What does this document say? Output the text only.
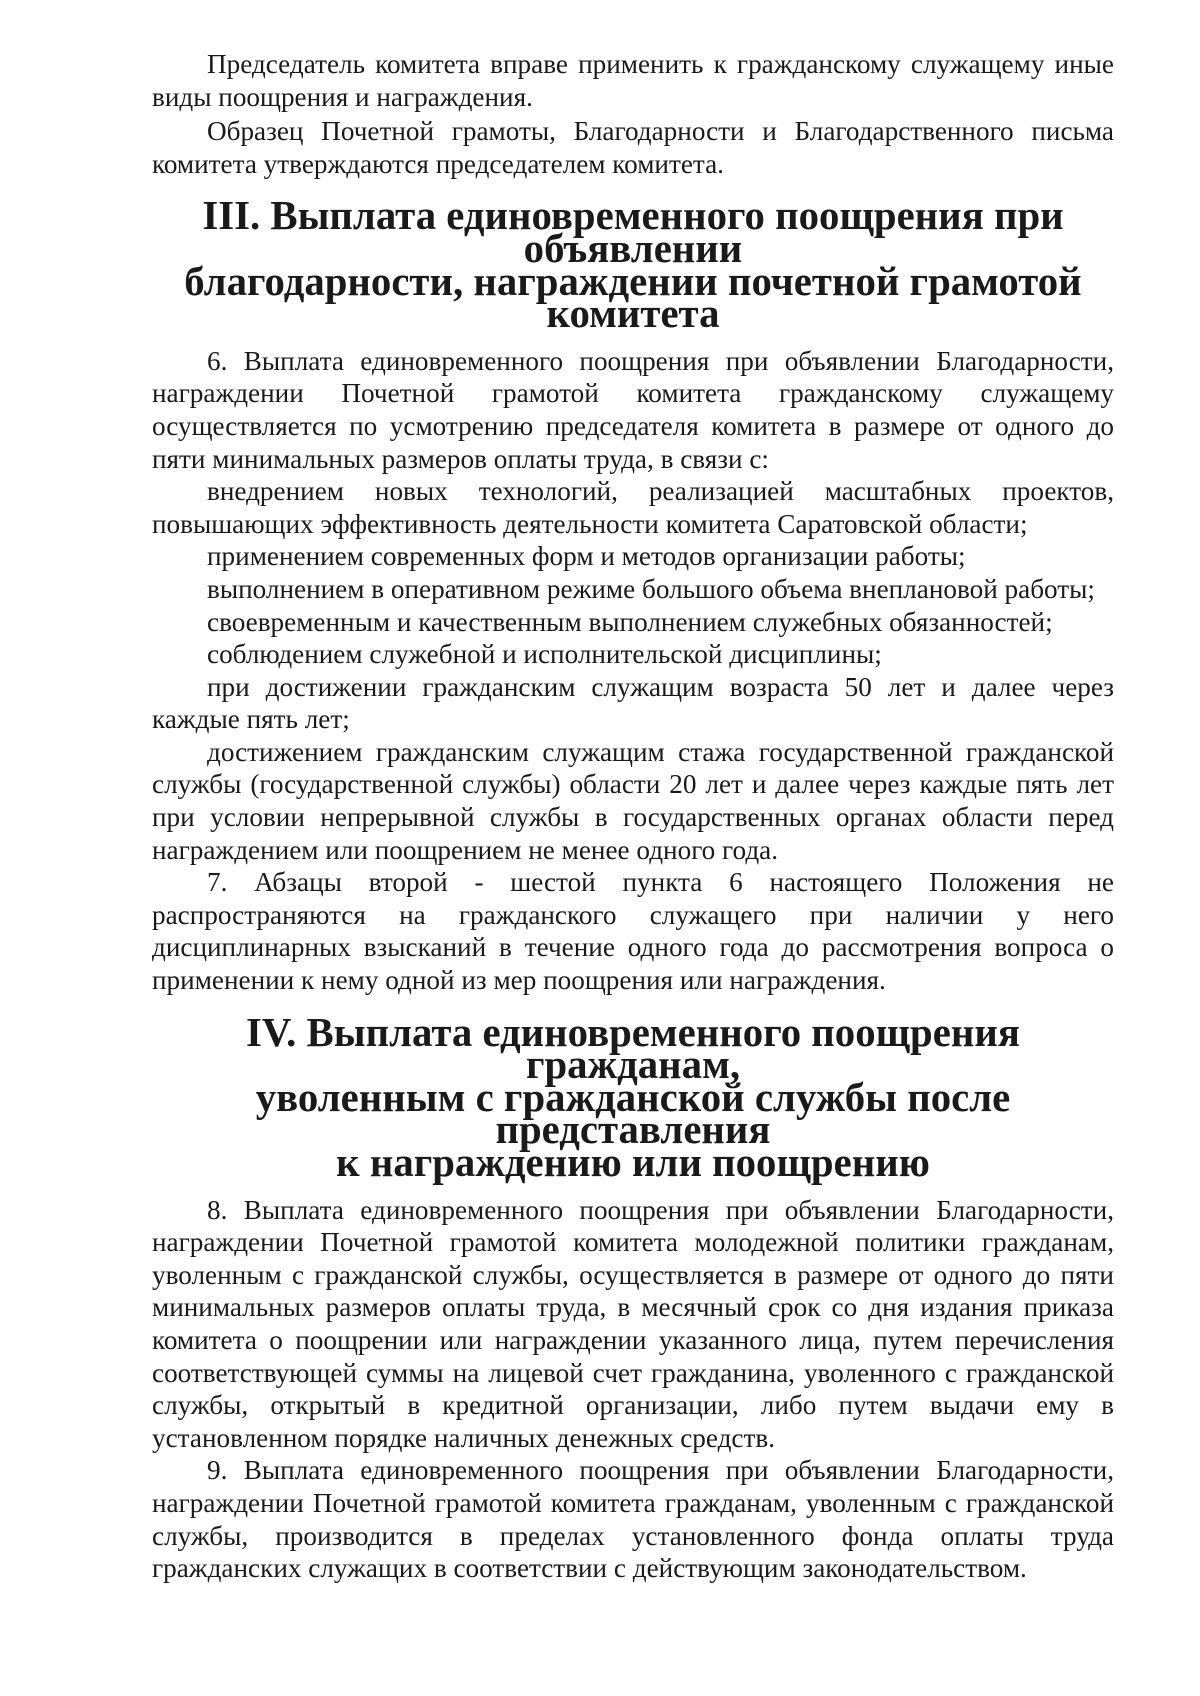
Председатель комитета вправе применить к гражданскому служащему иные виды поощрения и награждения.

Образец Почетной грамоты, Благодарности и Благодарственного письма комитета утверждаются председателем комитета.

III. Выплата единовременного поощрения при объявлении
благодарности, награждении почетной грамотой комитета

6. Выплата единовременного поощрения при объявлении Благодарности, награждении Почетной грамотой комитета гражданскому служащему осуществляется по усмотрению председателя комитета в размере от одного до пяти минимальных размеров оплаты труда, в связи с:

внедрением новых технологий, реализацией масштабных проектов, повышающих эффективность деятельности комитета Саратовской области;

применением современных форм и методов организации работы;

выполнением в оперативном режиме большого объема внеплановой работы;

своевременным и качественным выполнением служебных обязанностей;

соблюдением служебной и исполнительской дисциплины;

при достижении гражданским служащим возраста 50 лет и далее через каждые пять лет;

достижением гражданским служащим стажа государственной гражданской службы (государственной службы) области 20 лет и далее через каждые пять лет при условии непрерывной службы в государственных органах области перед награждением или поощрением не менее одного года.

7. Абзацы второй - шестой пункта 6 настоящего Положения не распространяются на гражданского служащего при наличии у него дисциплинарных взысканий в течение одного года до рассмотрения вопроса о применении к нему одной из мер поощрения или награждения.

IV. Выплата единовременного поощрения гражданам,
уволенным с гражданской службы после представления
к награждению или поощрению

8. Выплата единовременного поощрения при объявлении Благодарности, награждении Почетной грамотой комитета молодежной политики гражданам, уволенным с гражданской службы, осуществляется в размере от одного до пяти минимальных размеров оплаты труда, в месячный срок со дня издания приказа комитета о поощрении или награждении указанного лица, путем перечисления соответствующей суммы на лицевой счет гражданина, уволенного с гражданской службы, открытый в кредитной организации, либо путем выдачи ему в установленном порядке наличных денежных средств.

9. Выплата единовременного поощрения при объявлении Благодарности, награждении Почетной грамотой комитета гражданам, уволенным с гражданской службы, производится в пределах установленного фонда оплаты труда гражданских служащих в соответствии с действующим законодательством.
